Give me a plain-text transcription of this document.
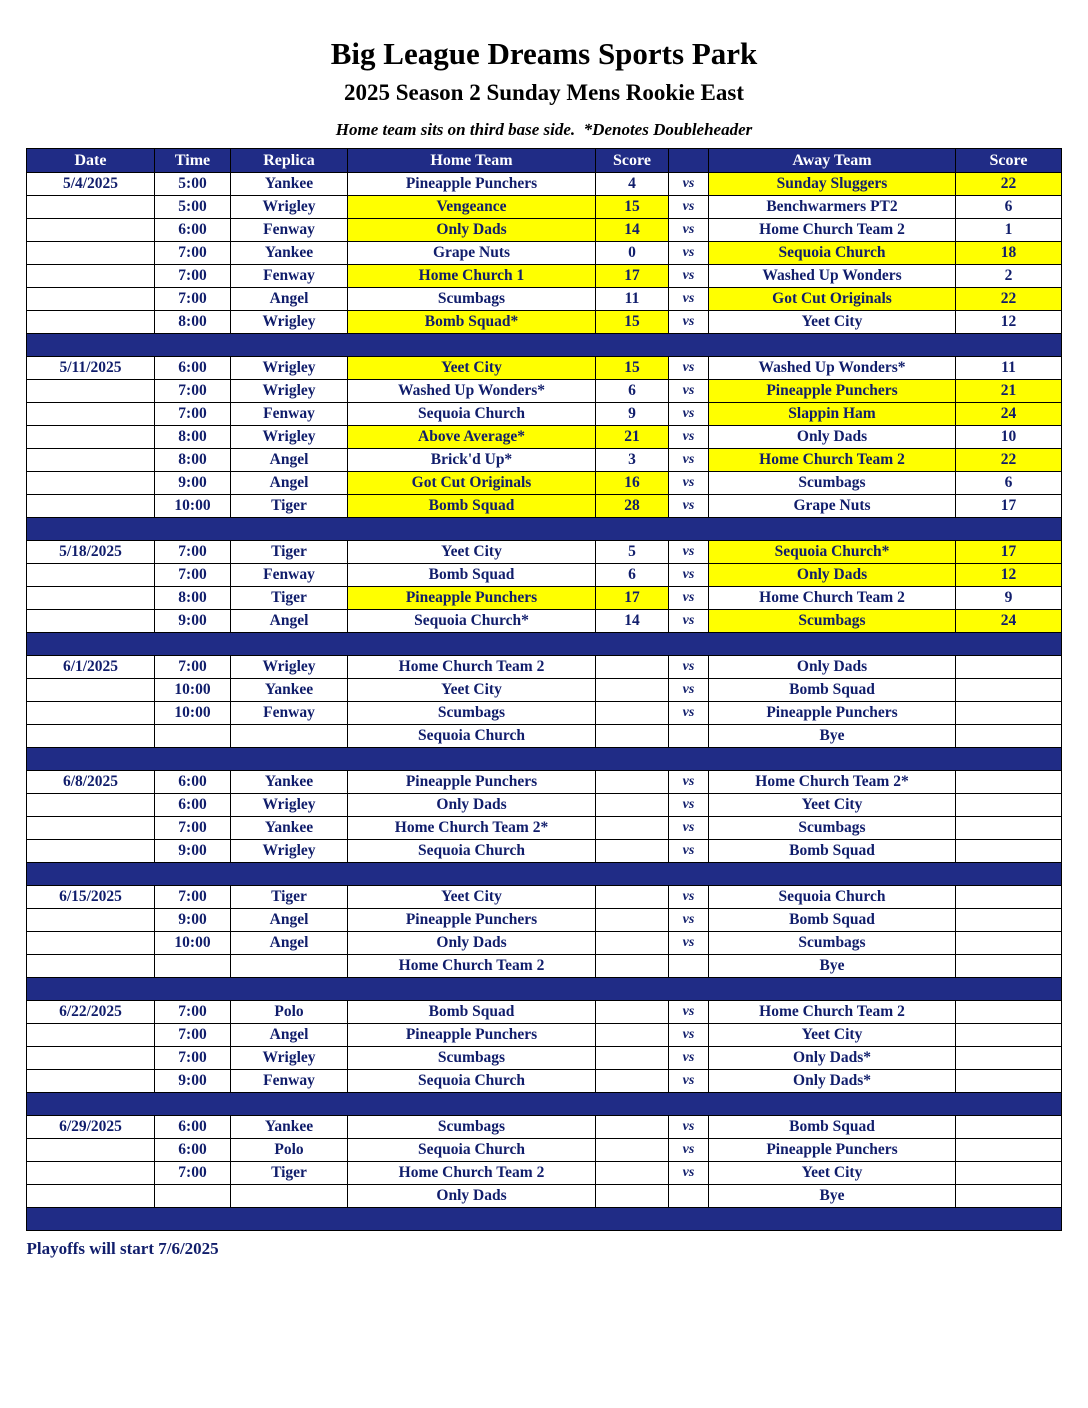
Big League Dreams Sports Park
2025 Season 2 Sunday Mens Rookie East
Home team sits on third base side.  *Denotes Doubleheader
Date	Time	Replica	Home Team	Score		Away Team	Score
5/4/2025	5:00	Yankee	Pineapple Punchers	4	vs	Sunday Sluggers	22
	5:00	Wrigley	Vengeance	15	vs	Benchwarmers PT2	6
	6:00	Fenway	Only Dads	14	vs	Home Church Team 2	1
	7:00	Yankee	Grape Nuts	0	vs	Sequoia Church	18
	7:00	Fenway	Home Church 1	17	vs	Washed Up Wonders	2
	7:00	Angel	Scumbags	11	vs	Got Cut Originals	22
	8:00	Wrigley	Bomb Squad*	15	vs	Yeet City	12

5/11/2025	6:00	Wrigley	Yeet City	15	vs	Washed Up Wonders*	11
	7:00	Wrigley	Washed Up Wonders*	6	vs	Pineapple Punchers	21
	7:00	Fenway	Sequoia Church	9	vs	Slappin Ham	24
	8:00	Wrigley	Above Average*	21	vs	Only Dads	10
	8:00	Angel	Brick'd Up*	3	vs	Home Church Team 2	22
	9:00	Angel	Got Cut Originals	16	vs	Scumbags	6
	10:00	Tiger	Bomb Squad	28	vs	Grape Nuts	17

5/18/2025	7:00	Tiger	Yeet City	5	vs	Sequoia Church*	17
	7:00	Fenway	Bomb Squad	6	vs	Only Dads	12
	8:00	Tiger	Pineapple Punchers	17	vs	Home Church Team 2	9
	9:00	Angel	Sequoia Church*	14	vs	Scumbags	24

6/1/2025	7:00	Wrigley	Home Church Team 2		vs	Only Dads	
	10:00	Yankee	Yeet City		vs	Bomb Squad	
	10:00	Fenway	Scumbags		vs	Pineapple Punchers	
			Sequoia Church			Bye	

6/8/2025	6:00	Yankee	Pineapple Punchers		vs	Home Church Team 2*	
	6:00	Wrigley	Only Dads		vs	Yeet City	
	7:00	Yankee	Home Church Team 2*		vs	Scumbags	
	9:00	Wrigley	Sequoia Church		vs	Bomb Squad	

6/15/2025	7:00	Tiger	Yeet City		vs	Sequoia Church	
	9:00	Angel	Pineapple Punchers		vs	Bomb Squad	
	10:00	Angel	Only Dads		vs	Scumbags	
			Home Church Team 2			Bye	

6/22/2025	7:00	Polo	Bomb Squad		vs	Home Church Team 2	
	7:00	Angel	Pineapple Punchers		vs	Yeet City	
	7:00	Wrigley	Scumbags		vs	Only Dads*	
	9:00	Fenway	Sequoia Church		vs	Only Dads*	

6/29/2025	6:00	Yankee	Scumbags		vs	Bomb Squad	
	6:00	Polo	Sequoia Church		vs	Pineapple Punchers	
	7:00	Tiger	Home Church Team 2		vs	Yeet City	
			Only Dads			Bye	

Playoffs will start 7/6/2025
